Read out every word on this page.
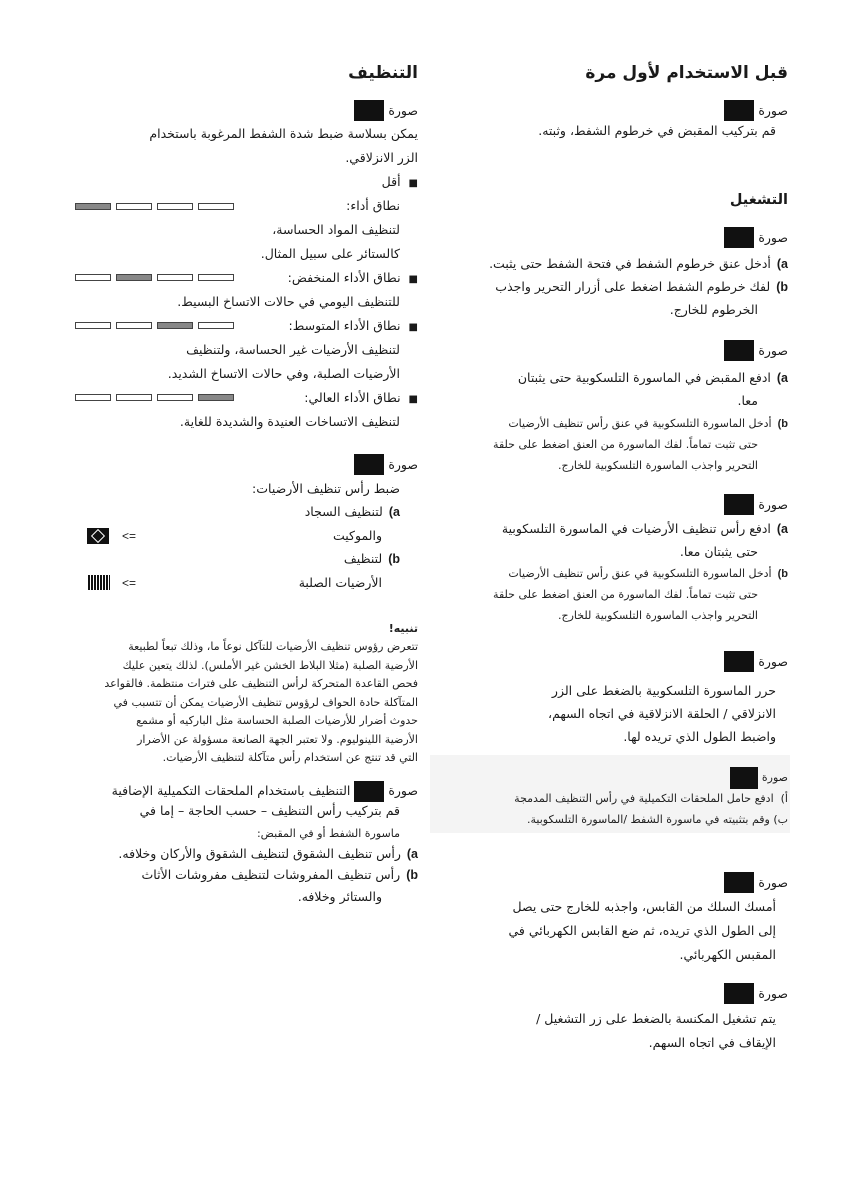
قبل الاستخدام لأول مرة
صورة
قم بتركيب المقبض في خرطوم الشفط، وثبته.
التشغيل
صورة
a)أدخل عنق خرطوم الشفط في فتحة الشفط حتى يثبت.
b)لفك خرطوم الشفط اضغط على أزرار التحرير واجذب
الخرطوم للخارج.
صورة
a)ادفع المقبض في الماسورة التلسكوبية حتى يثبتان
معا.
b)أدخل الماسورة التلسكوبية في عنق رأس تنظيف الأرضيات
حتى تثبت تماماً. لفك الماسورة من العنق اضغط على حلقة
التحرير واجذب الماسورة التلسكوبية للخارج.
صورة
a)ادفع رأس تنظيف الأرضيات في الماسورة التلسكوبية
حتى يثبتان معا.
b)أدخل الماسورة التلسكوبية في عنق رأس تنظيف الأرضيات
حتى تثبت تماماً. لفك الماسورة من العنق اضغط على حلقة
التحرير واجذب الماسورة التلسكوبية للخارج.
صورة
حرر الماسورة التلسكوبية بالضغط على الزر
الانزلاقي / الحلقة الانزلاقية في اتجاه السهم،
واضبط الطول الذي تريده لها.
صورة
أ)  ادفع حامل الملحقات التكميلية في رأس التنظيف المدمجة
ب) وقم بتثبيته في ماسورة الشفط /الماسورة التلسكوبية.
صورة
أمسك السلك من القابس، واجذبه للخارج حتى يصل
إلى الطول الذي تريده، ثم ضع القابس الكهربائي في
المقبس الكهربائي.
صورة
يتم تشغيل المكنسة بالضغط على زر التشغيل /
الإيقاف في اتجاه السهم.
التنظيف
صورة
يمكن بسلاسة ضبط شدة الشفط المرغوبة باستخدام
الزر الانزلاقي.
■أقل
نطاق أداء:
لتنظيف المواد الحساسة،
كالستائر على سبيل المثال.
■نطاق الأداء المنخفض:
للتنظيف اليومي في حالات الاتساخ البسيط.
■نطاق الأداء المتوسط:
لتنظيف الأرضيات غير الحساسة، ولتنظيف
الأرضيات الصلبة، وفي حالات الاتساخ الشديد.
■نطاق الأداء العالي:
لتنظيف الاتساخات العنيدة والشديدة للغاية.
صورة
ضبط رأس تنظيف الأرضيات:
a)لتنظيف السجاد
والموكيت
<=
b)لتنظيف
الأرضيات الصلبة
<=
تنبيه!
تتعرض رؤوس تنظيف الأرضيات للتآكل نوعاً ما، وذلك تبعاً لطبيعة
الأرضية الصلبة (مثلا البلاط الخشن غير الأملس). لذلك يتعين عليك
فحص القاعدة المتحركة لرأس التنظيف على فترات منتظمة. فالقواعد
المتآكلة حادة الحواف لرؤوس تنظيف الأرضيات يمكن أن تتسبب في
حدوث أضرار للأرضيات الصلبة الحساسة مثل الباركيه أو مشمع
الأرضية اللينوليوم. ولا تعتبر الجهة الصانعة مسؤولة عن الأضرار
التي قد تنتج عن استخدام رأس متآكلة لتنظيف الأرضيات.
صورة  التنظيف باستخدام الملحقات التكميلية الإضافية
قم بتركيب رأس التنظيف – حسب الحاجة – إما في
ماسورة الشفط أو في المقبض:
a)رأس تنظيف الشقوق لتنظيف الشقوق والأركان وخلافه.
b)رأس تنظيف المفروشات لتنظيف مفروشات الأثاث
والستائر وخلافه.
